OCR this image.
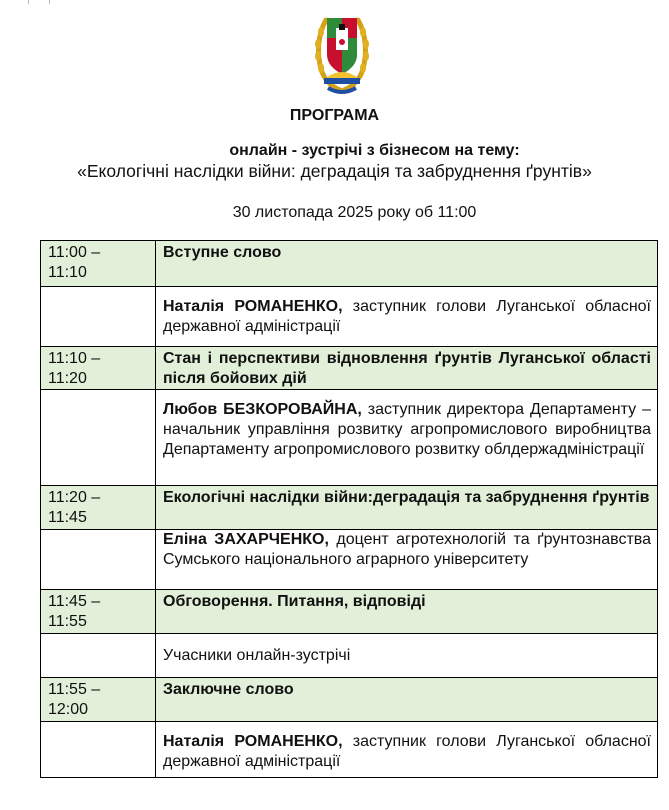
ПРОГРАМА
онлайн - зустрічі з бізнесом на тему:
«Екологічні наслідки війни: деградація та забруднення ґрунтів»
30 листопада 2025 року об 11:00
11:00 –
11:10	Вступне слово
	Наталія РОМАНЕНКО, заступник голови Луганської обласної державної адміністрації

11:10 –
11:20	Стан і перспективи відновлення ґрунтів Луганської області після бойових дій
	Любов БЕЗКОРОВАЙНА, заступник директора Департаменту – начальник управління розвитку агропромислового виробництва Департаменту агропромислового розвитку облдержадміністрації

11:20 –
11:45	Екологічні наслідки війни:деградація та забруднення ґрунтів
	Еліна ЗАХАРЧЕНКО, доцент агротехнологій та ґрунтознавства Сумського національного аграрного університету

11:45 –
11:55	Обговорення. Питання, відповіді
	Учасники онлайн-зустрічі

11:55 –
12:00	Заключне слово
	Наталія РОМАНЕНКО, заступник голови Луганської обласної державної адміністрації
